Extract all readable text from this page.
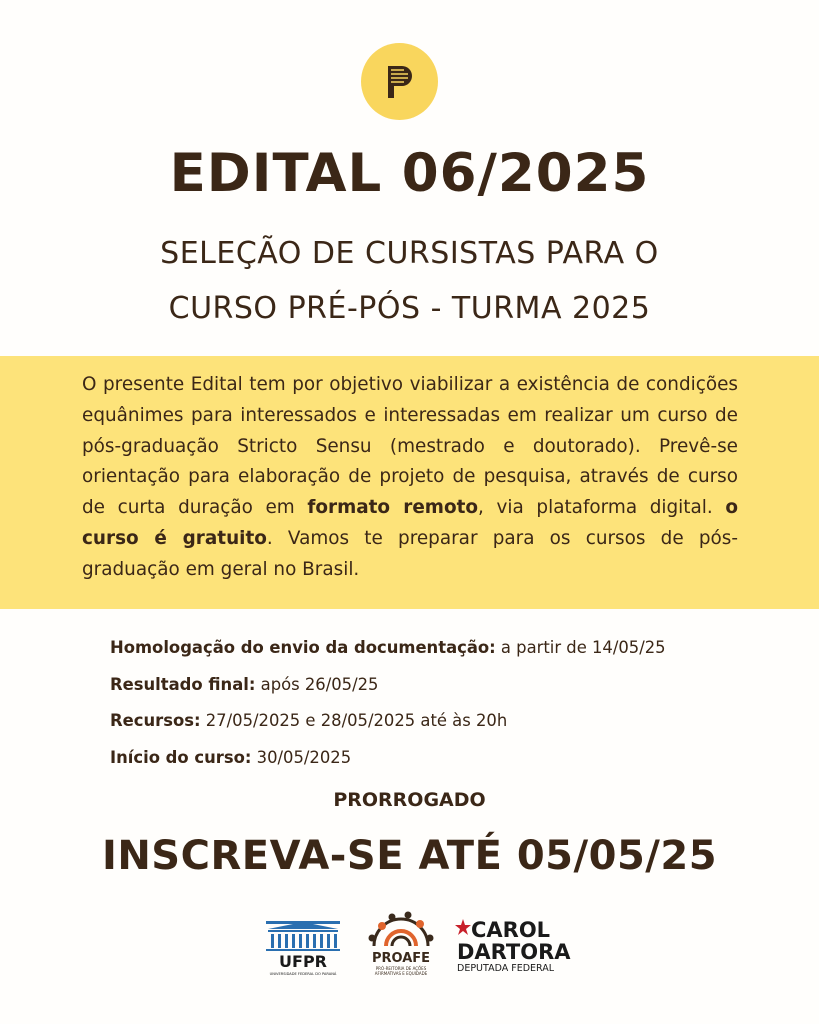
EDITAL 06/2025
SELEÇÃO DE CURSISTAS PARA O
CURSO PRÉ-PÓS - TURMA 2025

O presente Edital tem por objetivo viabilizar a existência de condições equânimes para interessados e interessadas em realizar um curso de pós-graduação Stricto Sensu (mestrado e doutorado). Prevê-se orientação para elaboração de projeto de pesquisa, através de curso de curta duração em formato remoto, via plataforma digital. o curso é gratuito. Vamos te preparar para os cursos de pós-graduação em geral no Brasil.

Homologação do envio da documentação: a partir de 14/05/25
Resultado final: após 26/05/25
Recursos: 27/05/2025 e 28/05/2025 até às 20h
Início do curso: 30/05/2025
PRORROGADO
INSCREVA-SE ATÉ 05/05/25
UFPR
UNIVERSIDADE FEDERAL DO PARANÁ
PROAFE
PRÓ-REITORIA DE AÇÕES
AFIRMATIVAS E EQUIDADE
CAROL
DARTORA
DEPUTADA FEDERAL
